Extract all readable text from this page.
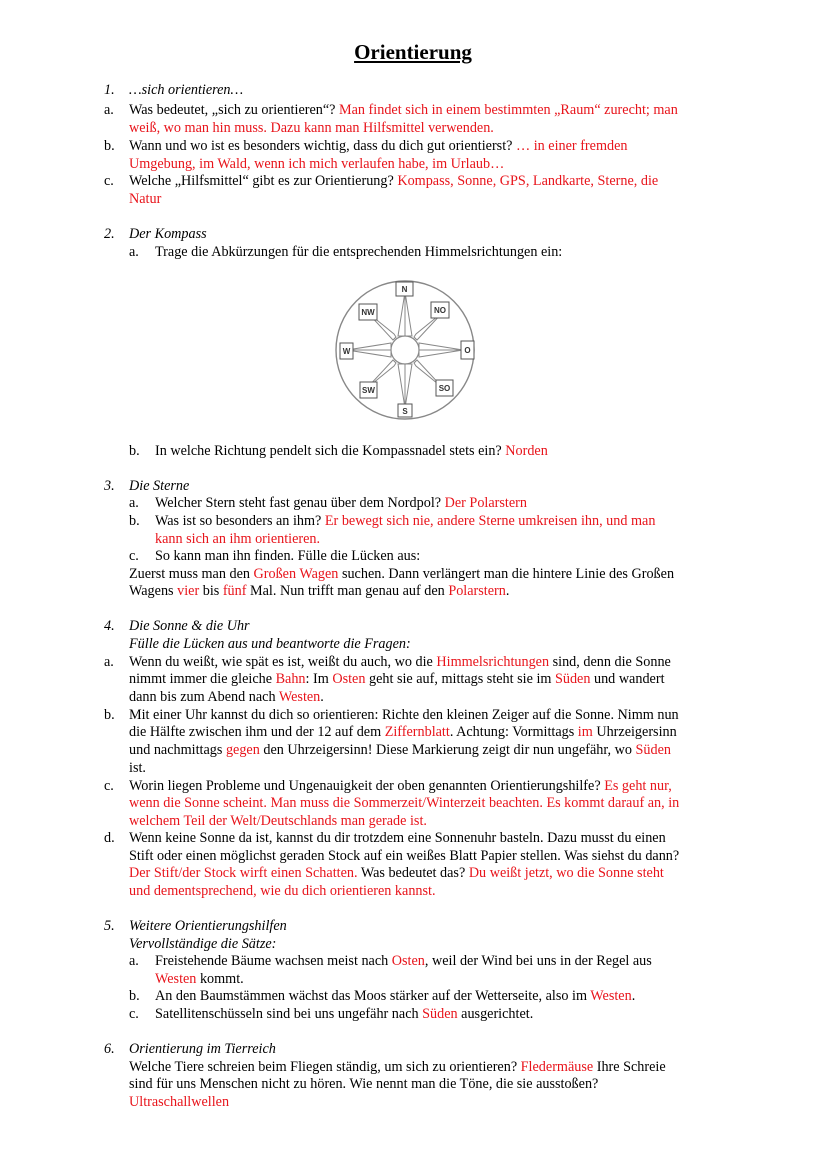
Orientierung
1. …sich orientieren…
a. Was bedeutet, „sich zu orientieren“? Man findet sich in einem bestimmten „Raum“ zurecht; man
weiß, wo man hin muss. Dazu kann man Hilfsmittel verwenden.
b. Wann und wo ist es besonders wichtig, dass du dich gut orientierst? … in einer fremden
Umgebung, im Wald, wenn ich mich verlaufen habe, im Urlaub…
c. Welche „Hilfsmittel“ gibt es zur Orientierung? Kompass, Sonne, GPS, Landkarte, Sterne, die
Natur
2. Der Kompass
a. Trage die Abkürzungen für die entsprechenden Himmelsrichtungen ein:
N
NW	NO
W	O
SW	SO
S
b. In welche Richtung pendelt sich die Kompassnadel stets ein? Norden
3. Die Sterne
a. Welcher Stern steht fast genau über dem Nordpol? Der Polarstern
b. Was ist so besonders an ihm? Er bewegt sich nie, andere Sterne umkreisen ihn, und man
kann sich an ihm orientieren.
c. So kann man ihn finden. Fülle die Lücken aus:
Zuerst muss man den Großen Wagen suchen. Dann verlängert man die hintere Linie des Großen
Wagens vier bis fünf Mal. Nun trifft man genau auf den Polarstern.
4. Die Sonne & die Uhr
Fülle die Lücken aus und beantworte die Fragen:
a. Wenn du weißt, wie spät es ist, weißt du auch, wo die Himmelsrichtungen sind, denn die Sonne
nimmt immer die gleiche Bahn: Im Osten geht sie auf, mittags steht sie im Süden und wandert
dann bis zum Abend nach Westen.
b. Mit einer Uhr kannst du dich so orientieren: Richte den kleinen Zeiger auf die Sonne. Nimm nun
die Hälfte zwischen ihm und der 12 auf dem Ziffernblatt. Achtung: Vormittags im Uhrzeigersinn
und nachmittags gegen den Uhrzeigersinn! Diese Markierung zeigt dir nun ungefähr, wo Süden
ist.
c. Worin liegen Probleme und Ungenauigkeit der oben genannten Orientierungshilfe? Es geht nur,
wenn die Sonne scheint. Man muss die Sommerzeit/Winterzeit beachten. Es kommt darauf an, in
welchem Teil der Welt/Deutschlands man gerade ist.
d. Wenn keine Sonne da ist, kannst du dir trotzdem eine Sonnenuhr basteln. Dazu musst du einen
Stift oder einen möglichst geraden Stock auf ein weißes Blatt Papier stellen. Was siehst du dann?
Der Stift/der Stock wirft einen Schatten. Was bedeutet das? Du weißt jetzt, wo die Sonne steht
und dementsprechend, wie du dich orientieren kannst.
5. Weitere Orientierungshilfen
Vervollständige die Sätze:
a. Freistehende Bäume wachsen meist nach Osten, weil der Wind bei uns in der Regel aus
Westen kommt.
b. An den Baumstämmen wächst das Moos stärker auf der Wetterseite, also im Westen.
c. Satellitenschüsseln sind bei uns ungefähr nach Süden ausgerichtet.
6. Orientierung im Tierreich
Welche Tiere schreien beim Fliegen ständig, um sich zu orientieren? Fledermäuse Ihre Schreie
sind für uns Menschen nicht zu hören. Wie nennt man die Töne, die sie ausstoßen?
Ultraschallwellen
